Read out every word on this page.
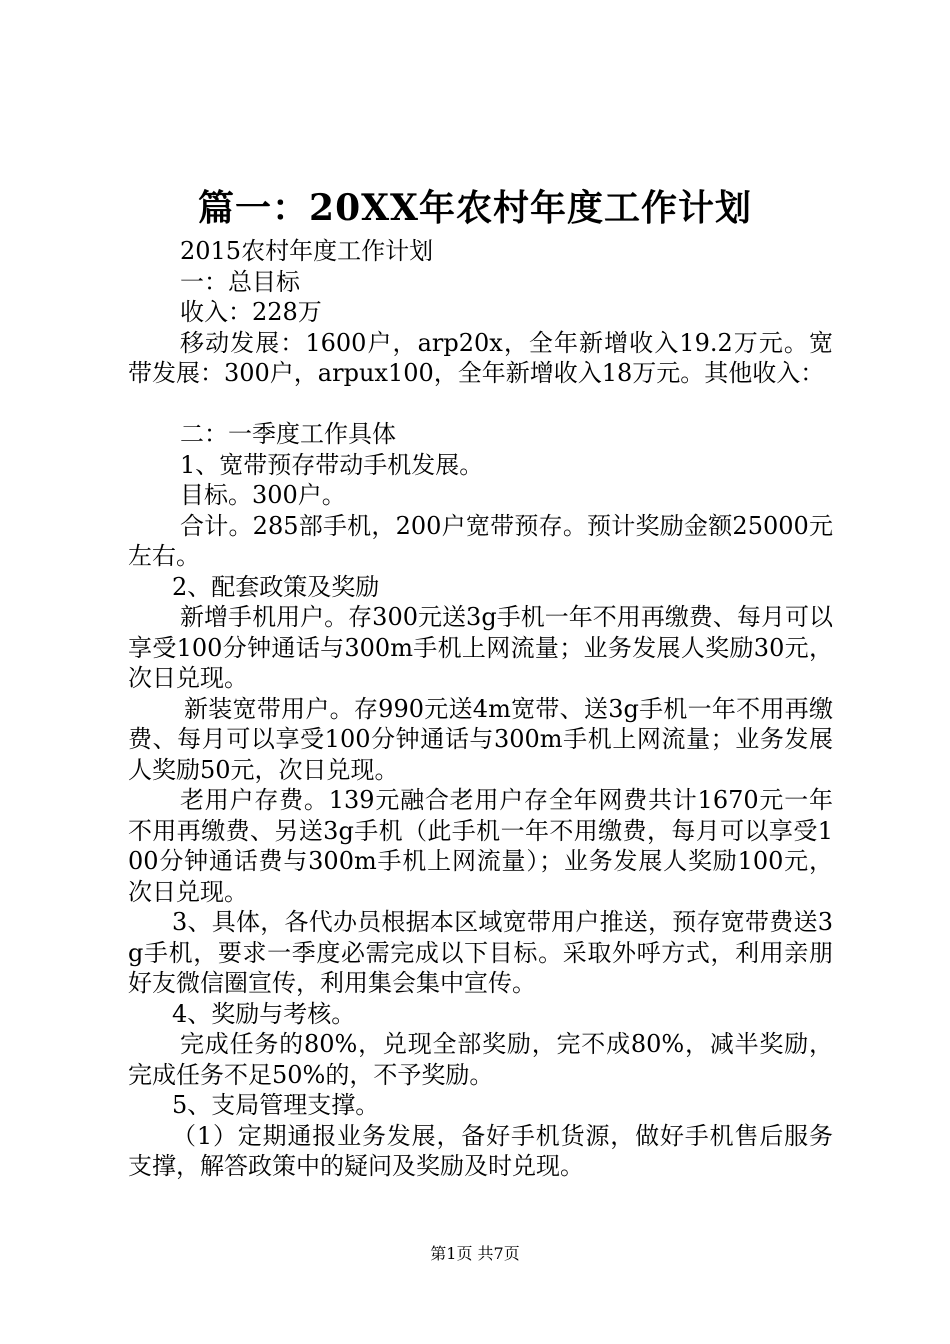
篇一：20XX年农村年度工作计划

2015农村年度工作计划

一：总目标

收入：228万

移动发展：1600户，arp20x，全年新增收入19.2万元。宽带发展：300户，arpux100，全年新增收入18万元。其他收入：

二：一季度工作具体

1、宽带预存带动手机发展。

目标。300户。

合计。285部手机，200户宽带预存。预计奖励金额25000元左右。

2、配套政策及奖励

新增手机用户。存300元送3g手机一年不用再缴费、每月可以享受100分钟通话与300m手机上网流量；业务发展人奖励30元，次日兑现。

新装宽带用户。存990元送4m宽带、送3g手机一年不用再缴费、每月可以享受100分钟通话与300m手机上网流量；业务发展人奖励50元，次日兑现。

老用户存费。139元融合老用户存全年网费共计1670元一年不用再缴费、另送3g手机（此手机一年不用缴费，每月可以享受100分钟通话费与300m手机上网流量）；业务发展人奖励100元，次日兑现。

3、具体，各代办员根据本区域宽带用户推送，预存宽带费送3g手机，要求一季度必需完成以下目标。采取外呼方式，利用亲朋好友微信圈宣传，利用集会集中宣传。

4、奖励与考核。

完成任务的80%，兑现全部奖励，完不成80%，减半奖励，完成任务不足50%的，不予奖励。

5、支局管理支撑。

（1）定期通报业务发展，备好手机货源，做好手机售后服务支撑，解答政策中的疑问及奖励及时兑现。

第1页 共7页
